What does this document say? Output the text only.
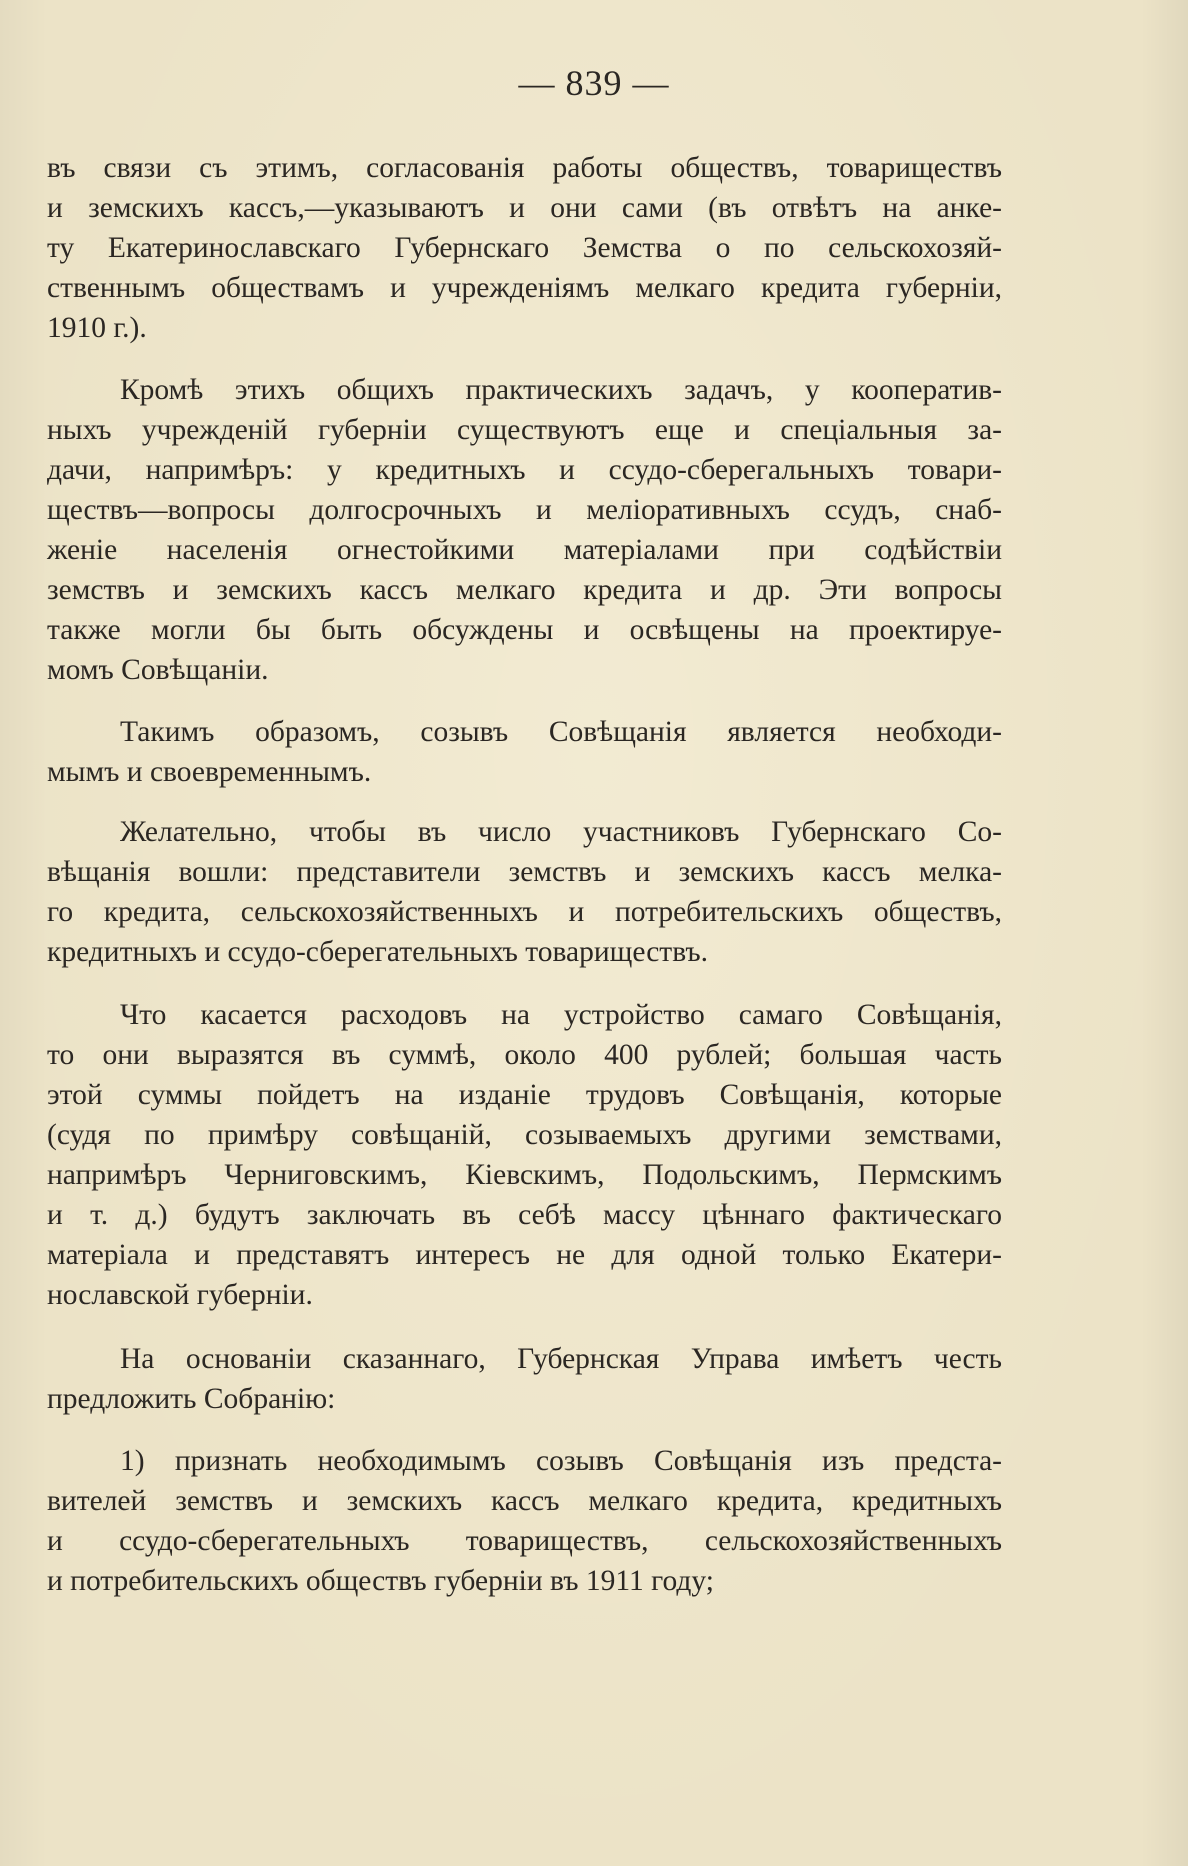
— 839 —
въ связи съ этимъ, согласованія работы обществъ, товариществъ
и земскихъ кассъ,—указываютъ и они сами (въ отвѣтъ на анке-
ту Екатеринославскаго Губернскаго Земства о по сельскохозяй-
ственнымъ обществамъ и учрежденіямъ мелкаго кредита губерніи,
1910 г.).
Кромѣ этихъ общихъ практическихъ задачъ, у кооператив-
ныхъ учрежденій губерніи существуютъ еще и спеціальныя за-
дачи, напримѣръ: у кредитныхъ и ссудо-сберегальныхъ товари-
ществъ—вопросы долгосрочныхъ и меліоративныхъ ссудъ, снаб-
женіе населенія огнестойкими матеріалами при содѣйствіи
земствъ и земскихъ кассъ мелкаго кредита и др. Эти вопросы
также могли бы быть обсуждены и освѣщены на проектируе-
момъ Совѣщаніи.
Такимъ образомъ, созывъ Совѣщанія является необходи-
мымъ и своевременнымъ.
Желательно, чтобы въ число участниковъ Губернскаго Со-
вѣщанія вошли: представители земствъ и земскихъ кассъ мелка-
го кредита, сельскохозяйственныхъ и потребительскихъ обществъ,
кредитныхъ и ссудо-сберегательныхъ товариществъ.
Что касается расходовъ на устройство самаго Совѣщанія,
то они выразятся въ суммѣ, около 400 рублей; большая часть
этой суммы пойдетъ на изданіе трудовъ Совѣщанія, которые
(судя по примѣру совѣщаній, созываемыхъ другими земствами,
напримѣръ Черниговскимъ, Кіевскимъ, Подольскимъ, Пермскимъ
и т. д.) будутъ заключать въ себѣ массу цѣннаго фактическаго
матеріала и представятъ интересъ не для одной только Екатери-
нославской губерніи.
На основаніи сказаннаго, Губернская Управа имѣетъ честь
предложить Собранію:
1) признать необходимымъ созывъ Совѣщанія изъ предста-
вителей земствъ и земскихъ кассъ мелкаго кредита, кредитныхъ
и ссудо-сберегательныхъ товариществъ, сельскохозяйственныхъ
и потребительскихъ обществъ губерніи въ 1911 году;
